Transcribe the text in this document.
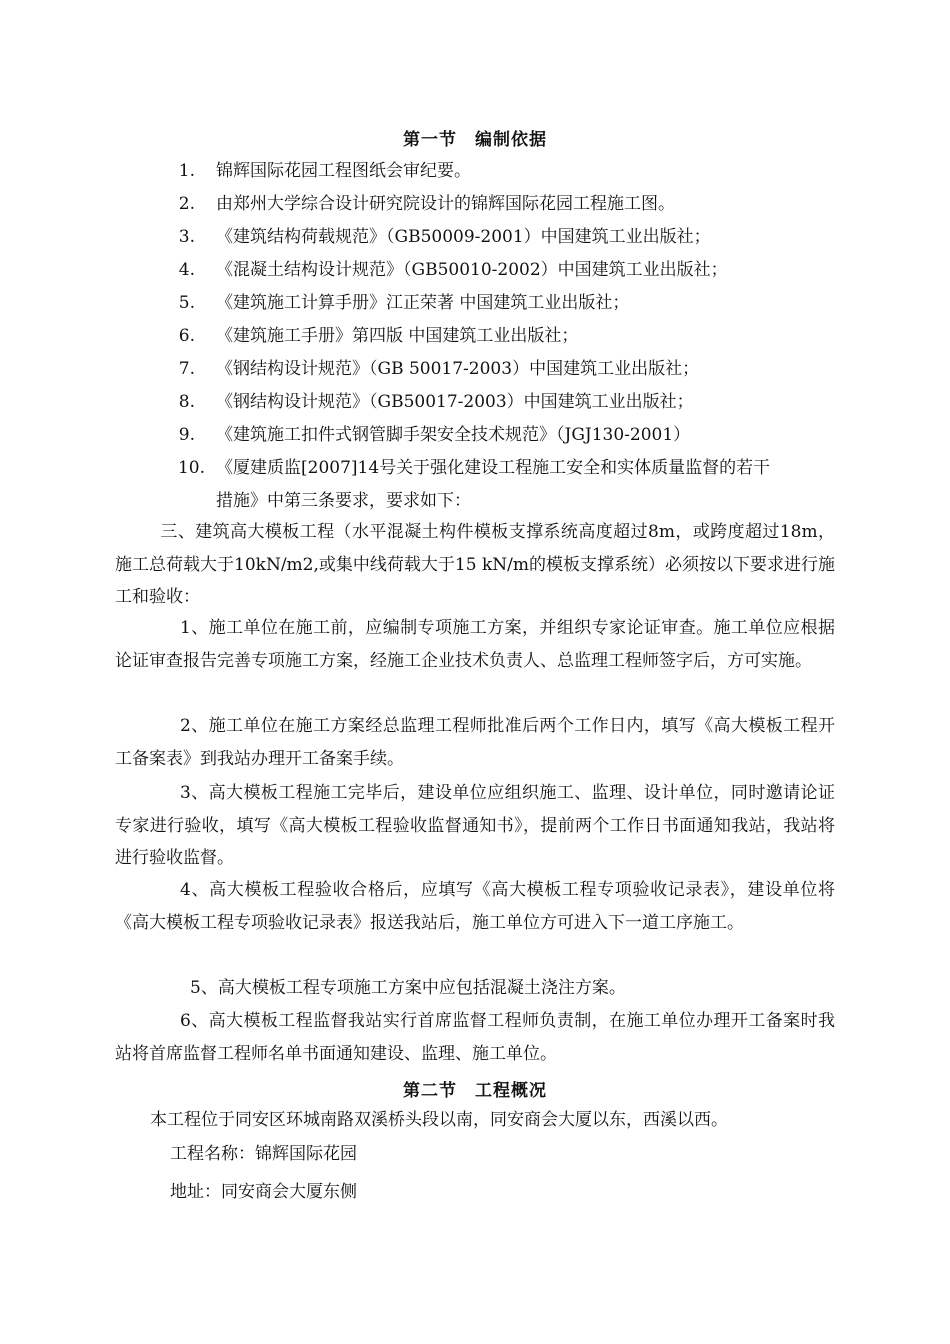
第一节　编制依据
1. 锦辉国际花园工程图纸会审纪要。
2. 由郑州大学综合设计研究院设计的锦辉国际花园工程施工图。
3. 《建筑结构荷载规范》（GB50009-2001）中国建筑工业出版社；
4. 《混凝土结构设计规范》（GB50010-2002）中国建筑工业出版社；
5. 《建筑施工计算手册》江正荣著 中国建筑工业出版社；
6. 《建筑施工手册》第四版 中国建筑工业出版社；
7. 《钢结构设计规范》（GB 50017-2003）中国建筑工业出版社；
8. 《钢结构设计规范》（GB50017-2003）中国建筑工业出版社；
9. 《建筑施工扣件式钢管脚手架安全技术规范》（JGJ130-2001）
10. 《厦建质监[2007]14号关于强化建设工程施工安全和实体质量监督的若干
措施》中第三条要求，要求如下：
三、建筑高大模板工程（水平混凝土构件模板支撑系统高度超过8m，或跨度超过18m，施工总荷载大于10kN/m2,或集中线荷载大于15 kN/m的模板支撑系统）必须按以下要求进行施工和验收：
1、施工单位在施工前，应编制专项施工方案，并组织专家论证审查。施工单位应根据论证审查报告完善专项施工方案，经施工企业技术负责人、总监理工程师签字后，方可实施。
2、施工单位在施工方案经总监理工程师批准后两个工作日内，填写《高大模板工程开工备案表》到我站办理开工备案手续。
3、高大模板工程施工完毕后，建设单位应组织施工、监理、设计单位，同时邀请论证专家进行验收，填写《高大模板工程验收监督通知书》，提前两个工作日书面通知我站，我站将进行验收监督。
4、高大模板工程验收合格后，应填写《高大模板工程专项验收记录表》，建设单位将《高大模板工程专项验收记录表》报送我站后，施工单位方可进入下一道工序施工。
5、高大模板工程专项施工方案中应包括混凝土浇注方案。
6、高大模板工程监督我站实行首席监督工程师负责制，在施工单位办理开工备案时我站将首席监督工程师名单书面通知建设、监理、施工单位。
第二节　工程概况
本工程位于同安区环城南路双溪桥头段以南，同安商会大厦以东，西溪以西。
工程名称：锦辉国际花园
地址：同安商会大厦东侧
